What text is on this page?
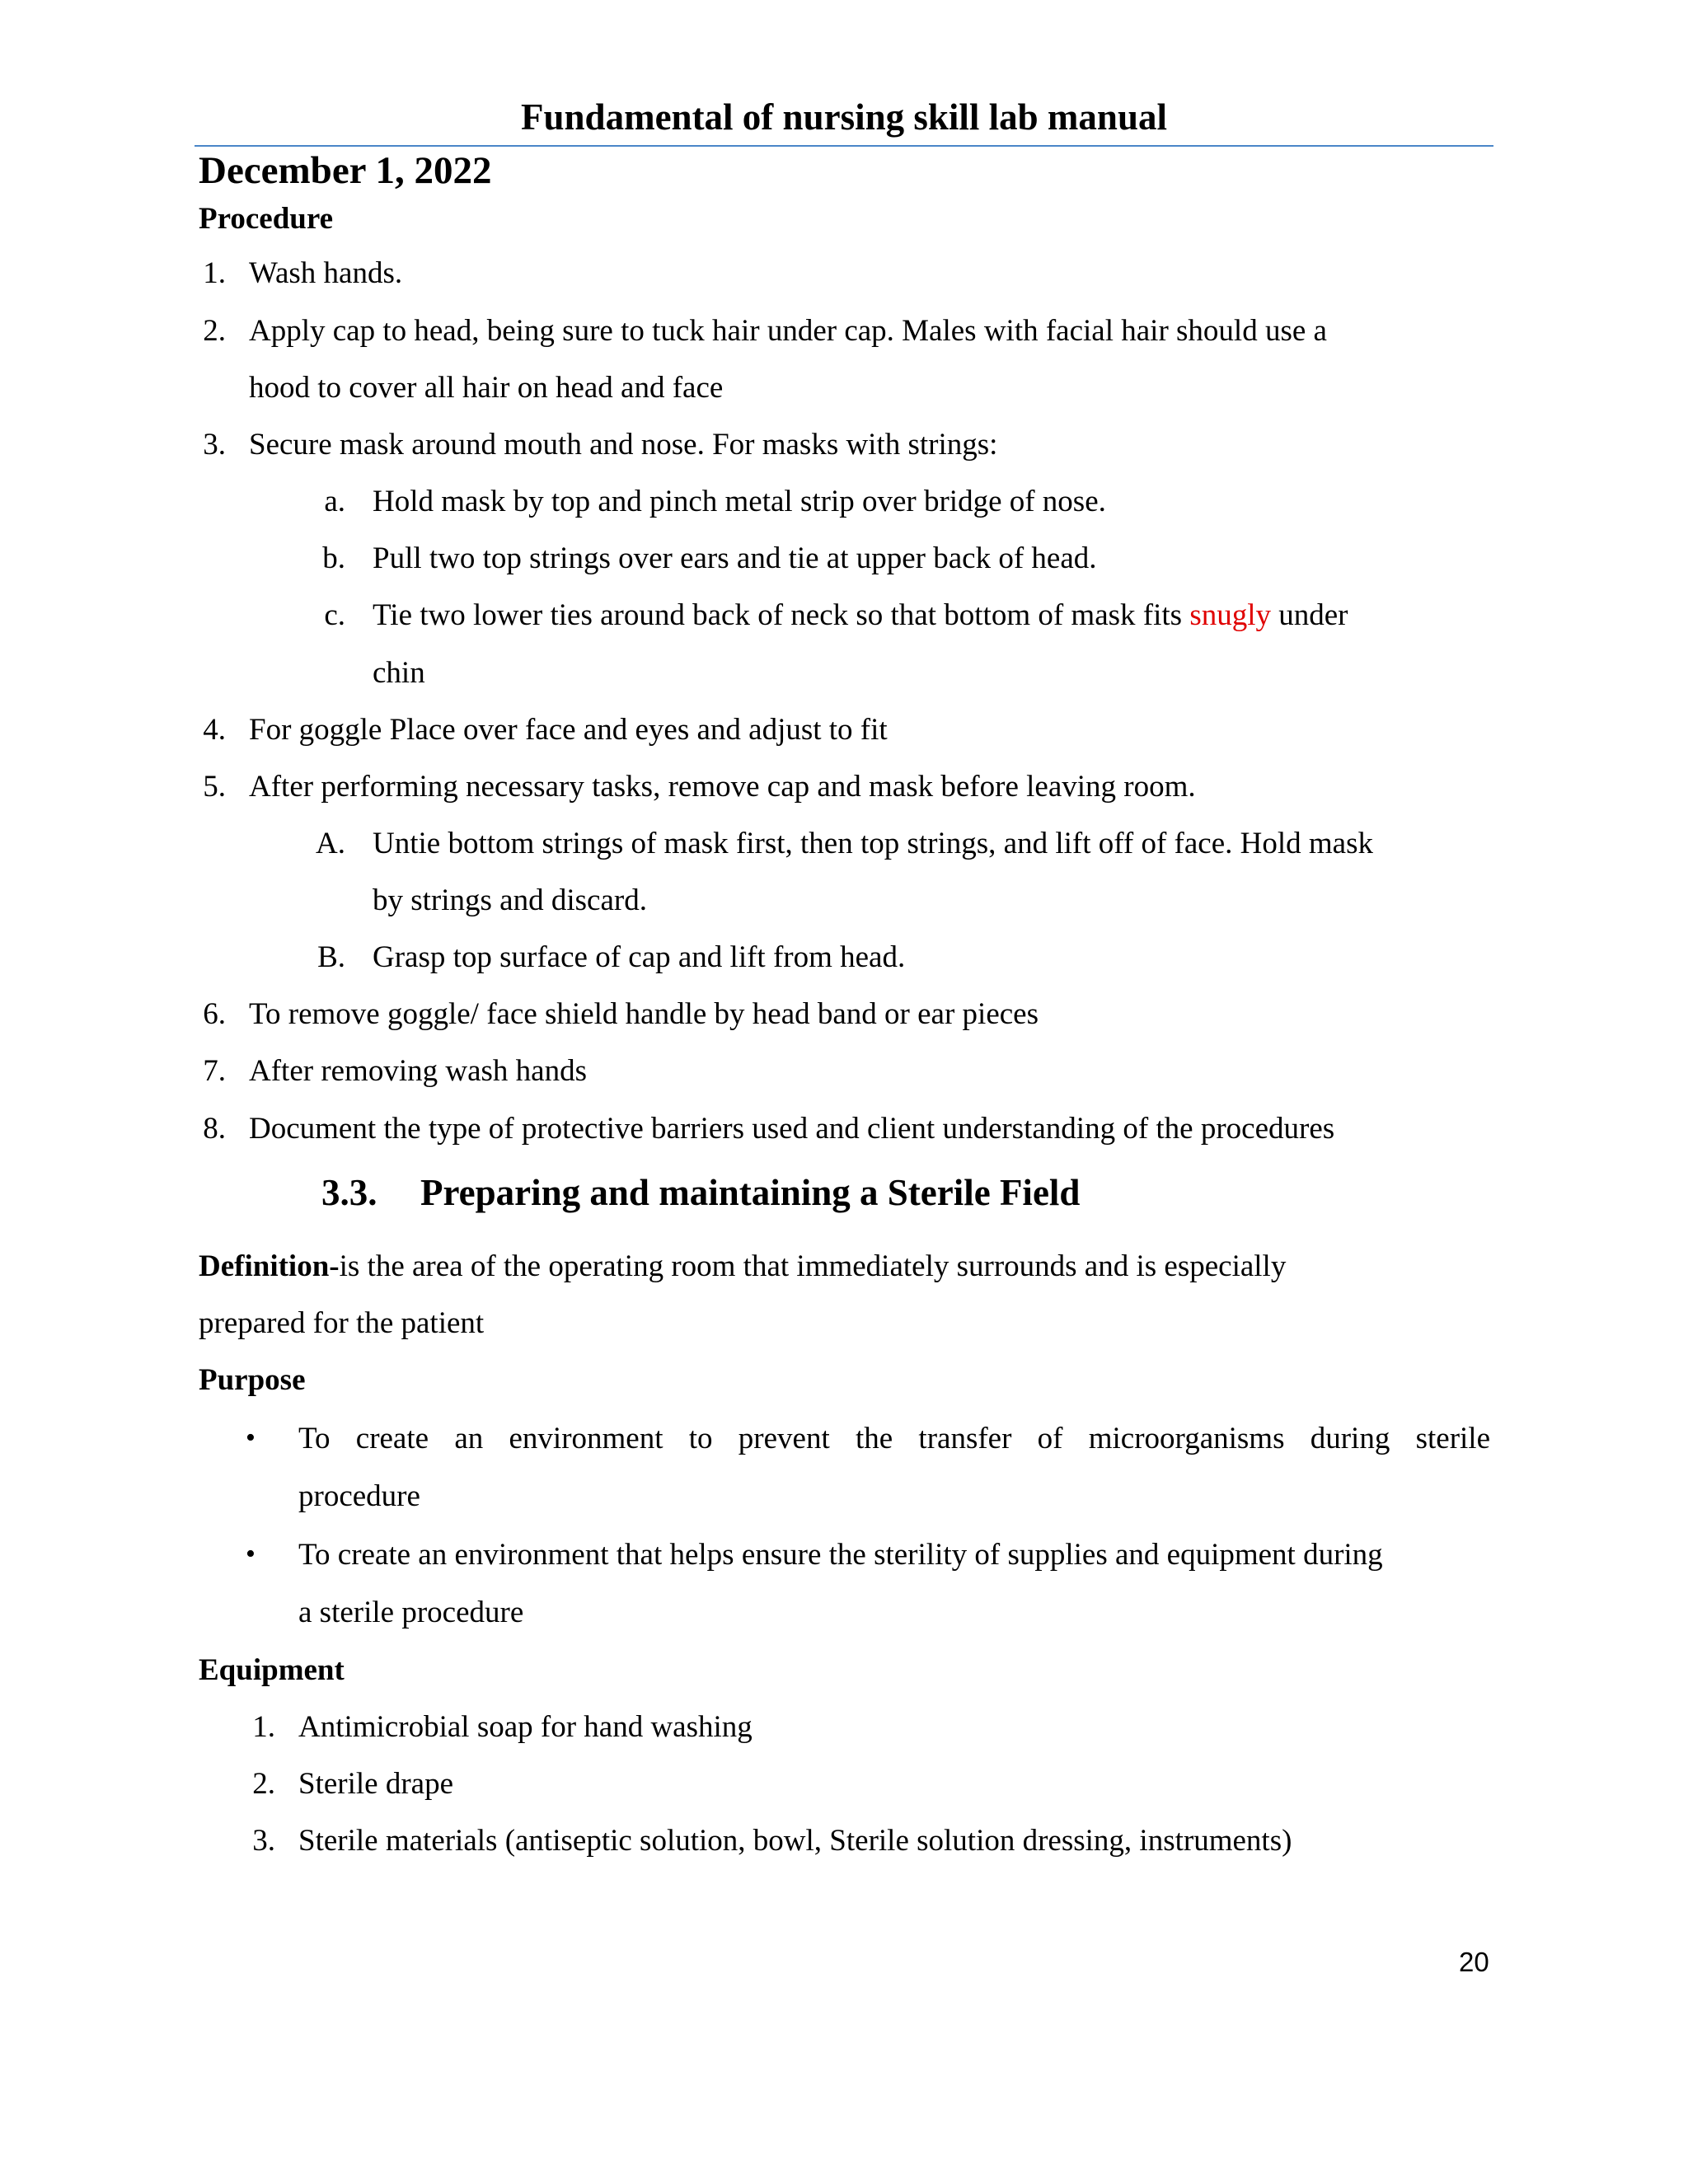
Fundamental of nursing skill lab manual
December 1, 2022
Procedure
1. Wash hands.
2. Apply cap to head, being sure to tuck hair under cap. Males with facial hair should use a
hood to cover all hair on head and face
3. Secure mask around mouth and nose. For masks with strings:
a. Hold mask by top and pinch metal strip over bridge of nose.
b. Pull two top strings over ears and tie at upper back of head.
c. Tie two lower ties around back of neck so that bottom of mask fits snugly under
chin
4. For goggle Place over face and eyes and adjust to fit
5. After performing necessary tasks, remove cap and mask before leaving room.
A. Untie bottom strings of mask first, then top strings, and lift off of face. Hold mask
by strings and discard.
B. Grasp top surface of cap and lift from head.
6. To remove goggle/ face shield handle by head band or ear pieces
7. After removing wash hands
8. Document the type of protective barriers used and client understanding of the procedures
3.3. Preparing and maintaining a Sterile Field
Definition-is the area of the operating room that immediately surrounds and is especially
prepared for the patient
Purpose
• To create an environment to prevent the transfer of microorganisms during sterile
procedure
• To create an environment that helps ensure the sterility of supplies and equipment during
a sterile procedure
Equipment
1. Antimicrobial soap for hand washing
2. Sterile drape
3. Sterile materials (antiseptic solution, bowl, Sterile solution dressing, instruments)
20
